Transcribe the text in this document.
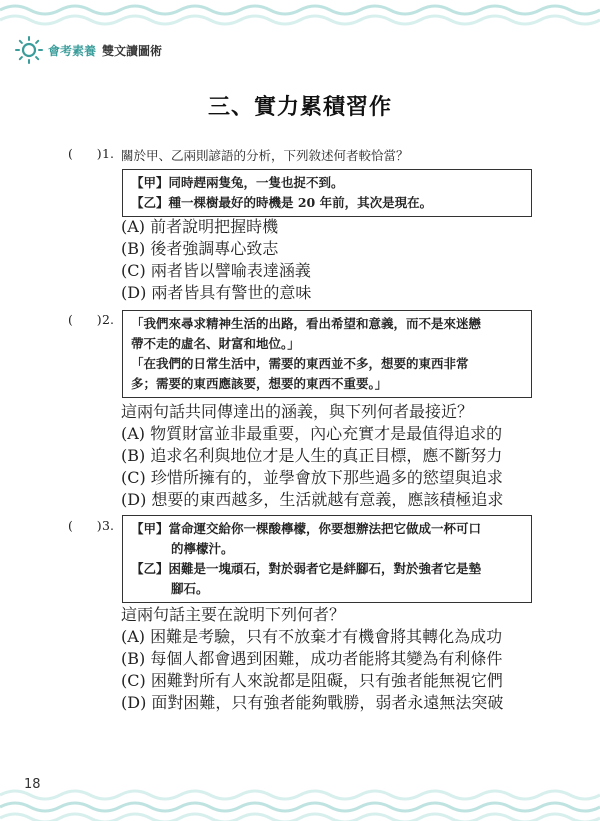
會考素養 雙文讀圖術
三、實力累積習作
(      ) 1. 關於甲、乙兩則諺語的分析，下列敘述何者較恰當？
【甲】同時趕兩隻兔，一隻也捉不到。
【乙】種一棵樹最好的時機是 20 年前，其次是現在。
(A) 前者說明把握時機
(B) 後者強調專心致志
(C) 兩者皆以譬喻表達涵義
(D) 兩者皆具有警世的意味
(      ) 2. 「我們來尋求精神生活的出路，看出希望和意義，而不是來迷戀
帶不走的虛名、財富和地位。」
「在我們的日常生活中，需要的東西並不多，想要的東西非常
多；需要的東西應該要，想要的東西不重要。」
這兩句話共同傳達出的涵義，與下列何者最接近？
(A) 物質財富並非最重要，內心充實才是最值得追求的
(B) 追求名利與地位才是人生的真正目標，應不斷努力
(C) 珍惜所擁有的，並學會放下那些過多的慾望與追求
(D) 想要的東西越多，生活就越有意義，應該積極追求
(      ) 3. 【甲】當命運交給你一棵酸檸檬，你要想辦法把它做成一杯可口
的檸檬汁。
【乙】困難是一塊頑石，對於弱者它是絆腳石，對於強者它是墊
腳石。
這兩句話主要在說明下列何者？
(A) 困難是考驗，只有不放棄才有機會將其轉化為成功
(B) 每個人都會遇到困難，成功者能將其變為有利條件
(C) 困難對所有人來說都是阻礙，只有強者能無視它們
(D) 面對困難，只有強者能夠戰勝，弱者永遠無法突破
18
